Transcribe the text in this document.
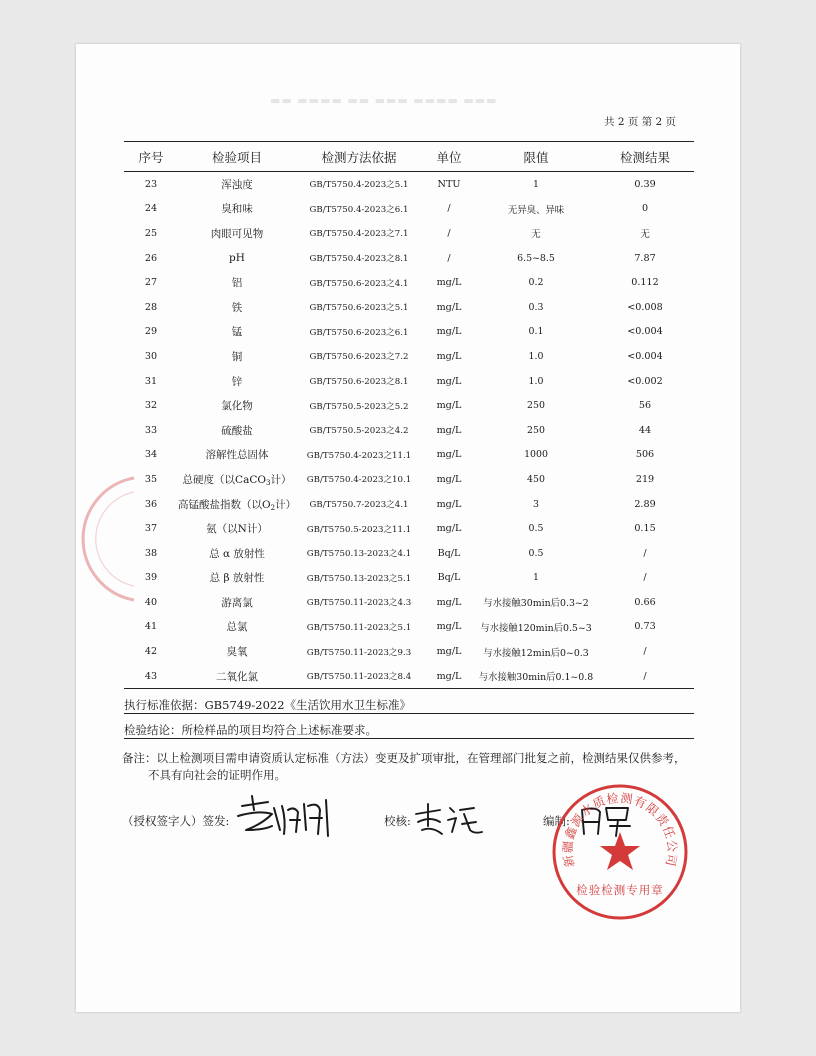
▬▬ ▬▬▬▬ ▬▬ ▬▬▬ ▬▬▬▬ ▬▬▬
共 2 页 第 2 页
序号	检验项目	检测方法依据	单位	限值	检测结果
23	浑浊度	GB/T5750.4-2023之5.1	NTU	1	0.39
24	臭和味	GB/T5750.4-2023之6.1	/	无异臭、异味	0
25	肉眼可见物	GB/T5750.4-2023之7.1	/	无	无
26	pH	GB/T5750.4-2023之8.1	/	6.5~8.5	7.87
27	铝	GB/T5750.6-2023之4.1	mg/L	0.2	0.112
28	铁	GB/T5750.6-2023之5.1	mg/L	0.3	<0.008
29	锰	GB/T5750.6-2023之6.1	mg/L	0.1	<0.004
30	铜	GB/T5750.6-2023之7.2	mg/L	1.0	<0.004
31	锌	GB/T5750.6-2023之8.1	mg/L	1.0	<0.002
32	氯化物	GB/T5750.5-2023之5.2	mg/L	250	56
33	硫酸盐	GB/T5750.5-2023之4.2	mg/L	250	44
34	溶解性总固体	GB/T5750.4-2023之11.1	mg/L	1000	506
35	总硬度（以CaCO$_3$计）	GB/T5750.4-2023之10.1	mg/L	450	219
36	高锰酸盐指数（以$O_2$计）	GB/T5750.7-2023之4.1	mg/L	3	2.89
37	氨（以N计）	GB/T5750.5-2023之11.1	mg/L	0.5	0.15
38	总 α 放射性	GB/T5750.13-2023之4.1	Bq/L	0.5	/
39	总 β 放射性	GB/T5750.13-2023之5.1	Bq/L	1	/
40	游离氯	GB/T5750.11-2023之4.3	mg/L	与水接触30min后0.3~2	0.66
41	总氯	GB/T5750.11-2023之5.1	mg/L	与水接触120min后0.5~3	0.73
42	臭氧	GB/T5750.11-2023之9.3	mg/L	与水接触12min后0~0.3	/
43	二氧化氯	GB/T5750.11-2023之8.4	mg/L	与水接触30min后0.1~0.8	/
执行标准依据：GB5749-2022《生活饮用水卫生标准》
检验结论：所检样品的项目均符合上述标准要求。
备注：以上检测项目需申请资质认定标准（方法）变更及扩项审批，在管理部门批复之前，检测结果仅供参考，
不具有向社会的证明作用。
（授权签字人）签发:	校核:	编制:
新疆鑫源水质检测有限责任公司
检验检测专用章
